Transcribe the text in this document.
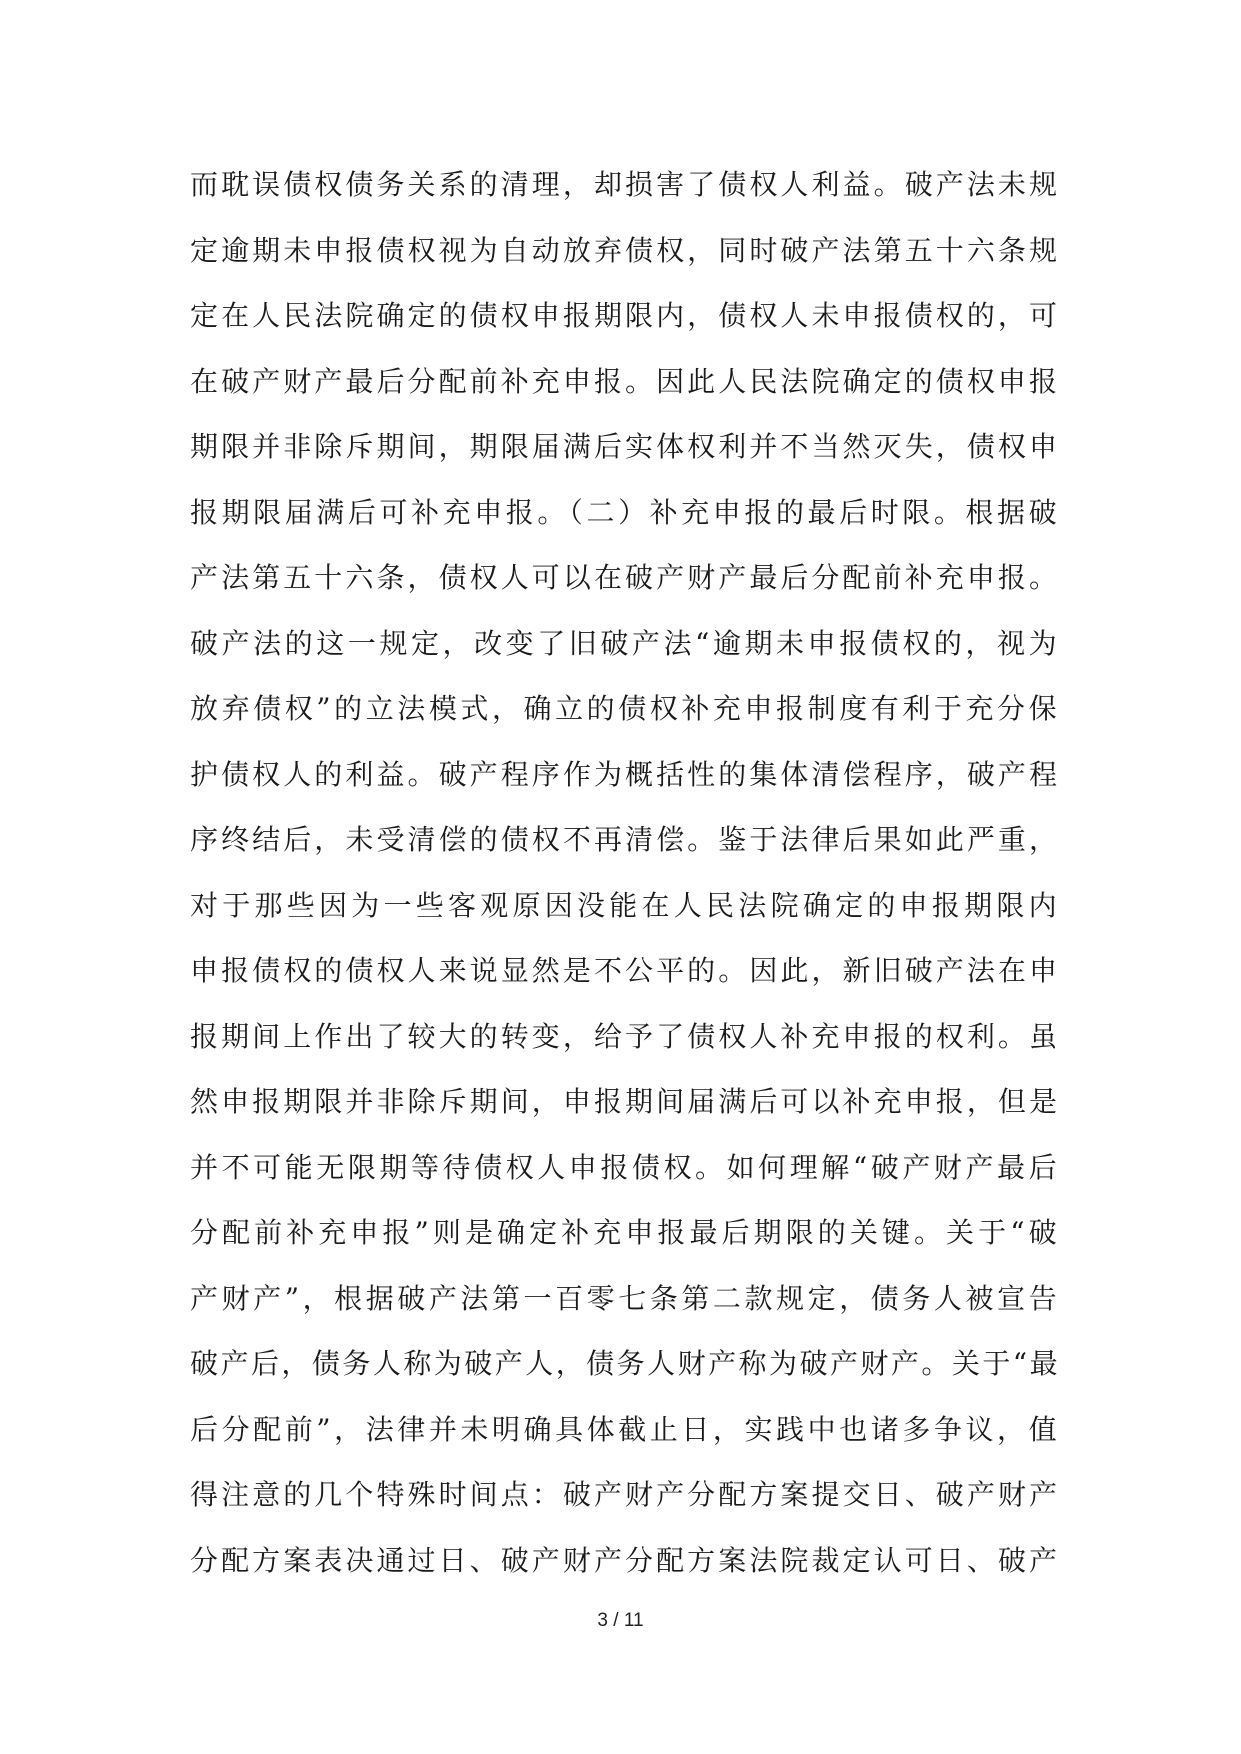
而耽误债权债务关系的清理，却损害了债权人利益。破产法未规
定逾期未申报债权视为自动放弃债权，同时破产法第五十六条规
定在人民法院确定的债权申报期限内，债权人未申报债权的，可
在破产财产最后分配前补充申报。因此人民法院确定的债权申报
期限并非除斥期间，期限届满后实体权利并不当然灭失，债权申
报期限届满后可补充申报。（二）补充申报的最后时限。根据破
产法第五十六条，债权人可以在破产财产最后分配前补充申报。
破产法的这一规定，改变了旧破产法“逾期未申报债权的，视为
放弃债权”的立法模式，确立的债权补充申报制度有利于充分保
护债权人的利益。破产程序作为概括性的集体清偿程序，破产程
序终结后，未受清偿的债权不再清偿。鉴于法律后果如此严重，
对于那些因为一些客观原因没能在人民法院确定的申报期限内
申报债权的债权人来说显然是不公平的。因此，新旧破产法在申
报期间上作出了较大的转变，给予了债权人补充申报的权利。虽
然申报期限并非除斥期间，申报期间届满后可以补充申报，但是
并不可能无限期等待债权人申报债权。如何理解“破产财产最后
分配前补充申报”则是确定补充申报最后期限的关键。关于“破
产财产”，根据破产法第一百零七条第二款规定，债务人被宣告
破产后，债务人称为破产人，债务人财产称为破产财产。关于“最
后分配前”，法律并未明确具体截止日，实践中也诸多争议，值
得注意的几个特殊时间点：破产财产分配方案提交日、破产财产
分配方案表决通过日、破产财产分配方案法院裁定认可日、破产
3 / 11
